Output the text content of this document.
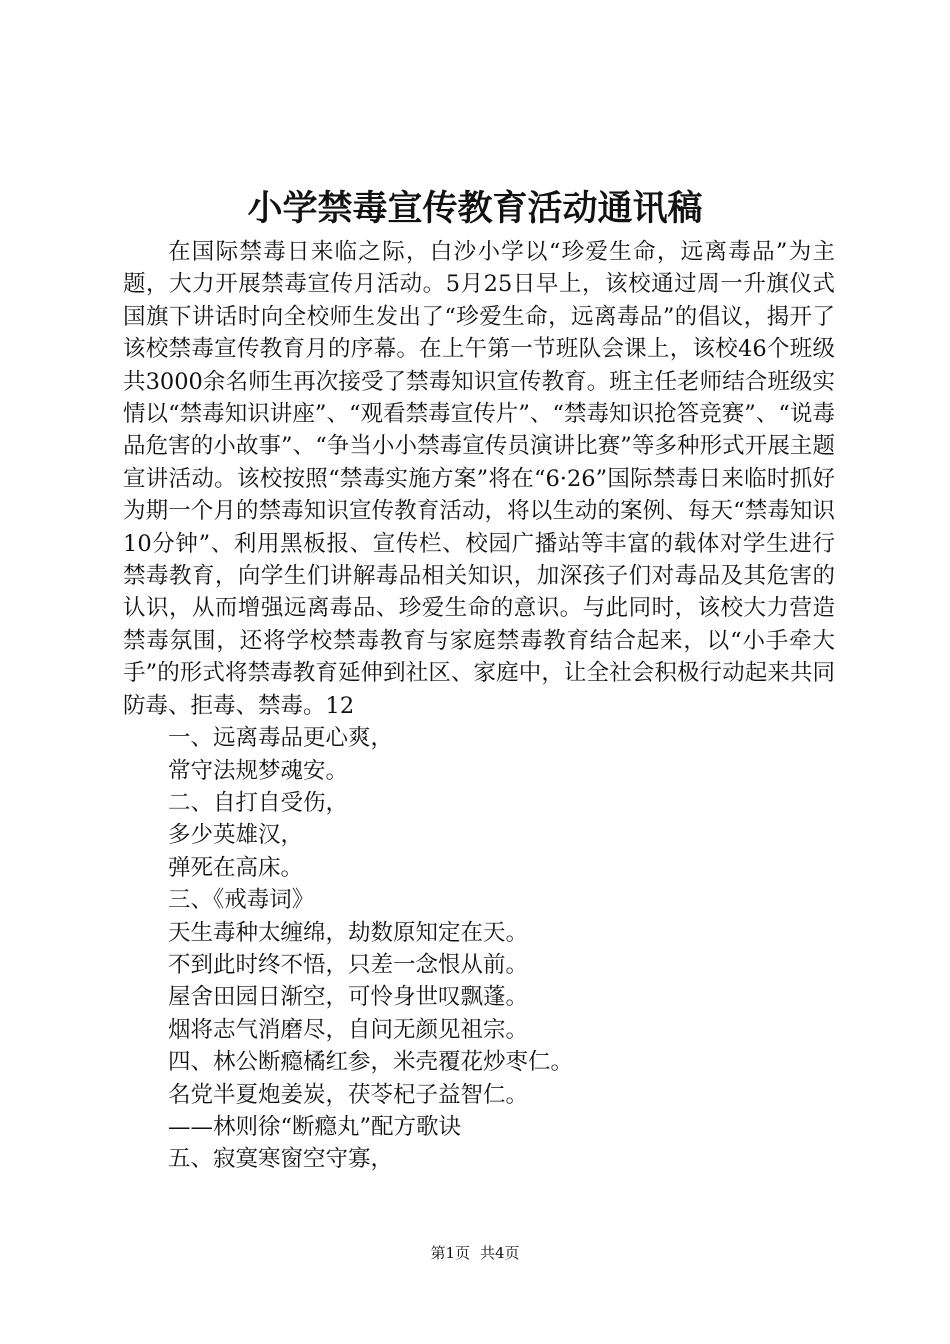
小学禁毒宣传教育活动通讯稿

在国际禁毒日来临之际，白沙小学以“珍爱生命，远离毒品”为主题，大力开展禁毒宣传月活动。5月25日早上，该校通过周一升旗仪式国旗下讲话时向全校师生发出了“珍爱生命，远离毒品”的倡议，揭开了该校禁毒宣传教育月的序幕。在上午第一节班队会课上，该校46个班级共3000余名师生再次接受了禁毒知识宣传教育。班主任老师结合班级实情以“禁毒知识讲座”、“观看禁毒宣传片”、“禁毒知识抢答竞赛”、“说毒品危害的小故事”、“争当小小禁毒宣传员演讲比赛”等多种形式开展主题宣讲活动。该校按照“禁毒实施方案”将在“6·26”国际禁毒日来临时抓好为期一个月的禁毒知识宣传教育活动，将以生动的案例、每天“禁毒知识10分钟”、利用黑板报、宣传栏、校园广播站等丰富的载体对学生进行禁毒教育，向学生们讲解毒品相关知识，加深孩子们对毒品及其危害的认识，从而增强远离毒品、珍爱生命的意识。与此同时，该校大力营造禁毒氛围，还将学校禁毒教育与家庭禁毒教育结合起来，以“小手牵大手”的形式将禁毒教育延伸到社区、家庭中，让全社会积极行动起来共同防毒、拒毒、禁毒。12

一、远离毒品更心爽，

常守法规梦魂安。

二、自打自受伤，

多少英雄汉，

弹死在高床。

三、《戒毒词》

天生毒种太缠绵，劫数原知定在天。

不到此时终不悟，只差一念恨从前。

屋舍田园日渐空，可怜身世叹飘蓬。

烟将志气消磨尽，自问无颜见祖宗。

四、林公断瘾橘红参，米壳覆花炒枣仁。

名党半夏炮姜炭，茯苓杞子益智仁。

——林则徐“断瘾丸”配方歌诀

五、寂寞寒窗空守寡，

第1页 共4页
